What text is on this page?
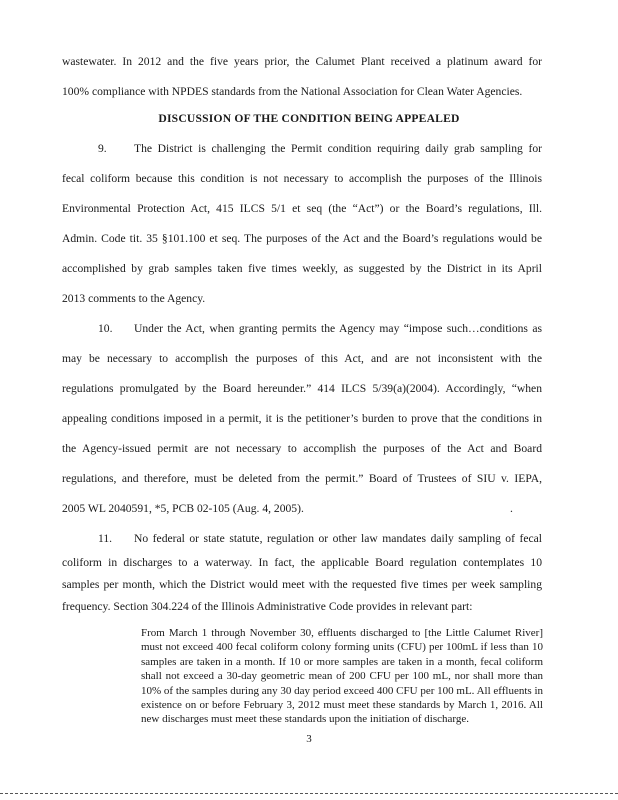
wastewater. In 2012 and the five years prior, the Calumet Plant received a platinum award for
100% compliance with NPDES standards from the National Association for Clean Water Agencies.
DISCUSSION OF THE CONDITION BEING APPEALED
9. The District is challenging the Permit condition requiring daily grab sampling for
fecal coliform because this condition is not necessary to accomplish the purposes of the Illinois
Environmental Protection Act, 415 ILCS 5/1 et seq (the “Act”) or the Board’s regulations, Ill.
Admin. Code tit. 35 §101.100 et seq. The purposes of the Act and the Board’s regulations would be
accomplished by grab samples taken five times weekly, as suggested by the District in its April
2013 comments to the Agency.
10. Under the Act, when granting permits the Agency may “impose such…conditions as
may be necessary to accomplish the purposes of this Act, and are not inconsistent with the
regulations promulgated by the Board hereunder.” 414 ILCS 5/39(a)(2004). Accordingly, “when
appealing conditions imposed in a permit, it is the petitioner’s burden to prove that the conditions in
the Agency-issued permit are not necessary to accomplish the purposes of the Act and Board
regulations, and therefore, must be deleted from the permit.” Board of Trustees of SIU v. IEPA,
2005 WL 2040591, *5, PCB 02-105 (Aug. 4, 2005).	.
11. No federal or state statute, regulation or other law mandates daily sampling of fecal
coliform in discharges to a waterway. In fact, the applicable Board regulation contemplates 10
samples per month, which the District would meet with the requested five times per week sampling
From March 1 through November 30, effluents discharged to [the Little Calumet River] must not exceed 400 fecal coliform colony forming units (CFU) per 100mL if less than 10 samples are taken in a month. If 10 or more samples are taken in a month, fecal coliform shall not exceed a 30-day geometric mean of 200 CFU per 100 mL, nor shall more than 10% of the samples during any 30 day period exceed 400 CFU per 100 mL. All effluents in existence on or before February 3, 2012 must meet these standards by March 1, 2016. All new discharges must meet these standards upon the initiation of discharge.
3
frequency. Section 304.224 of the Illinois Administrative Code provides in relevant part:
